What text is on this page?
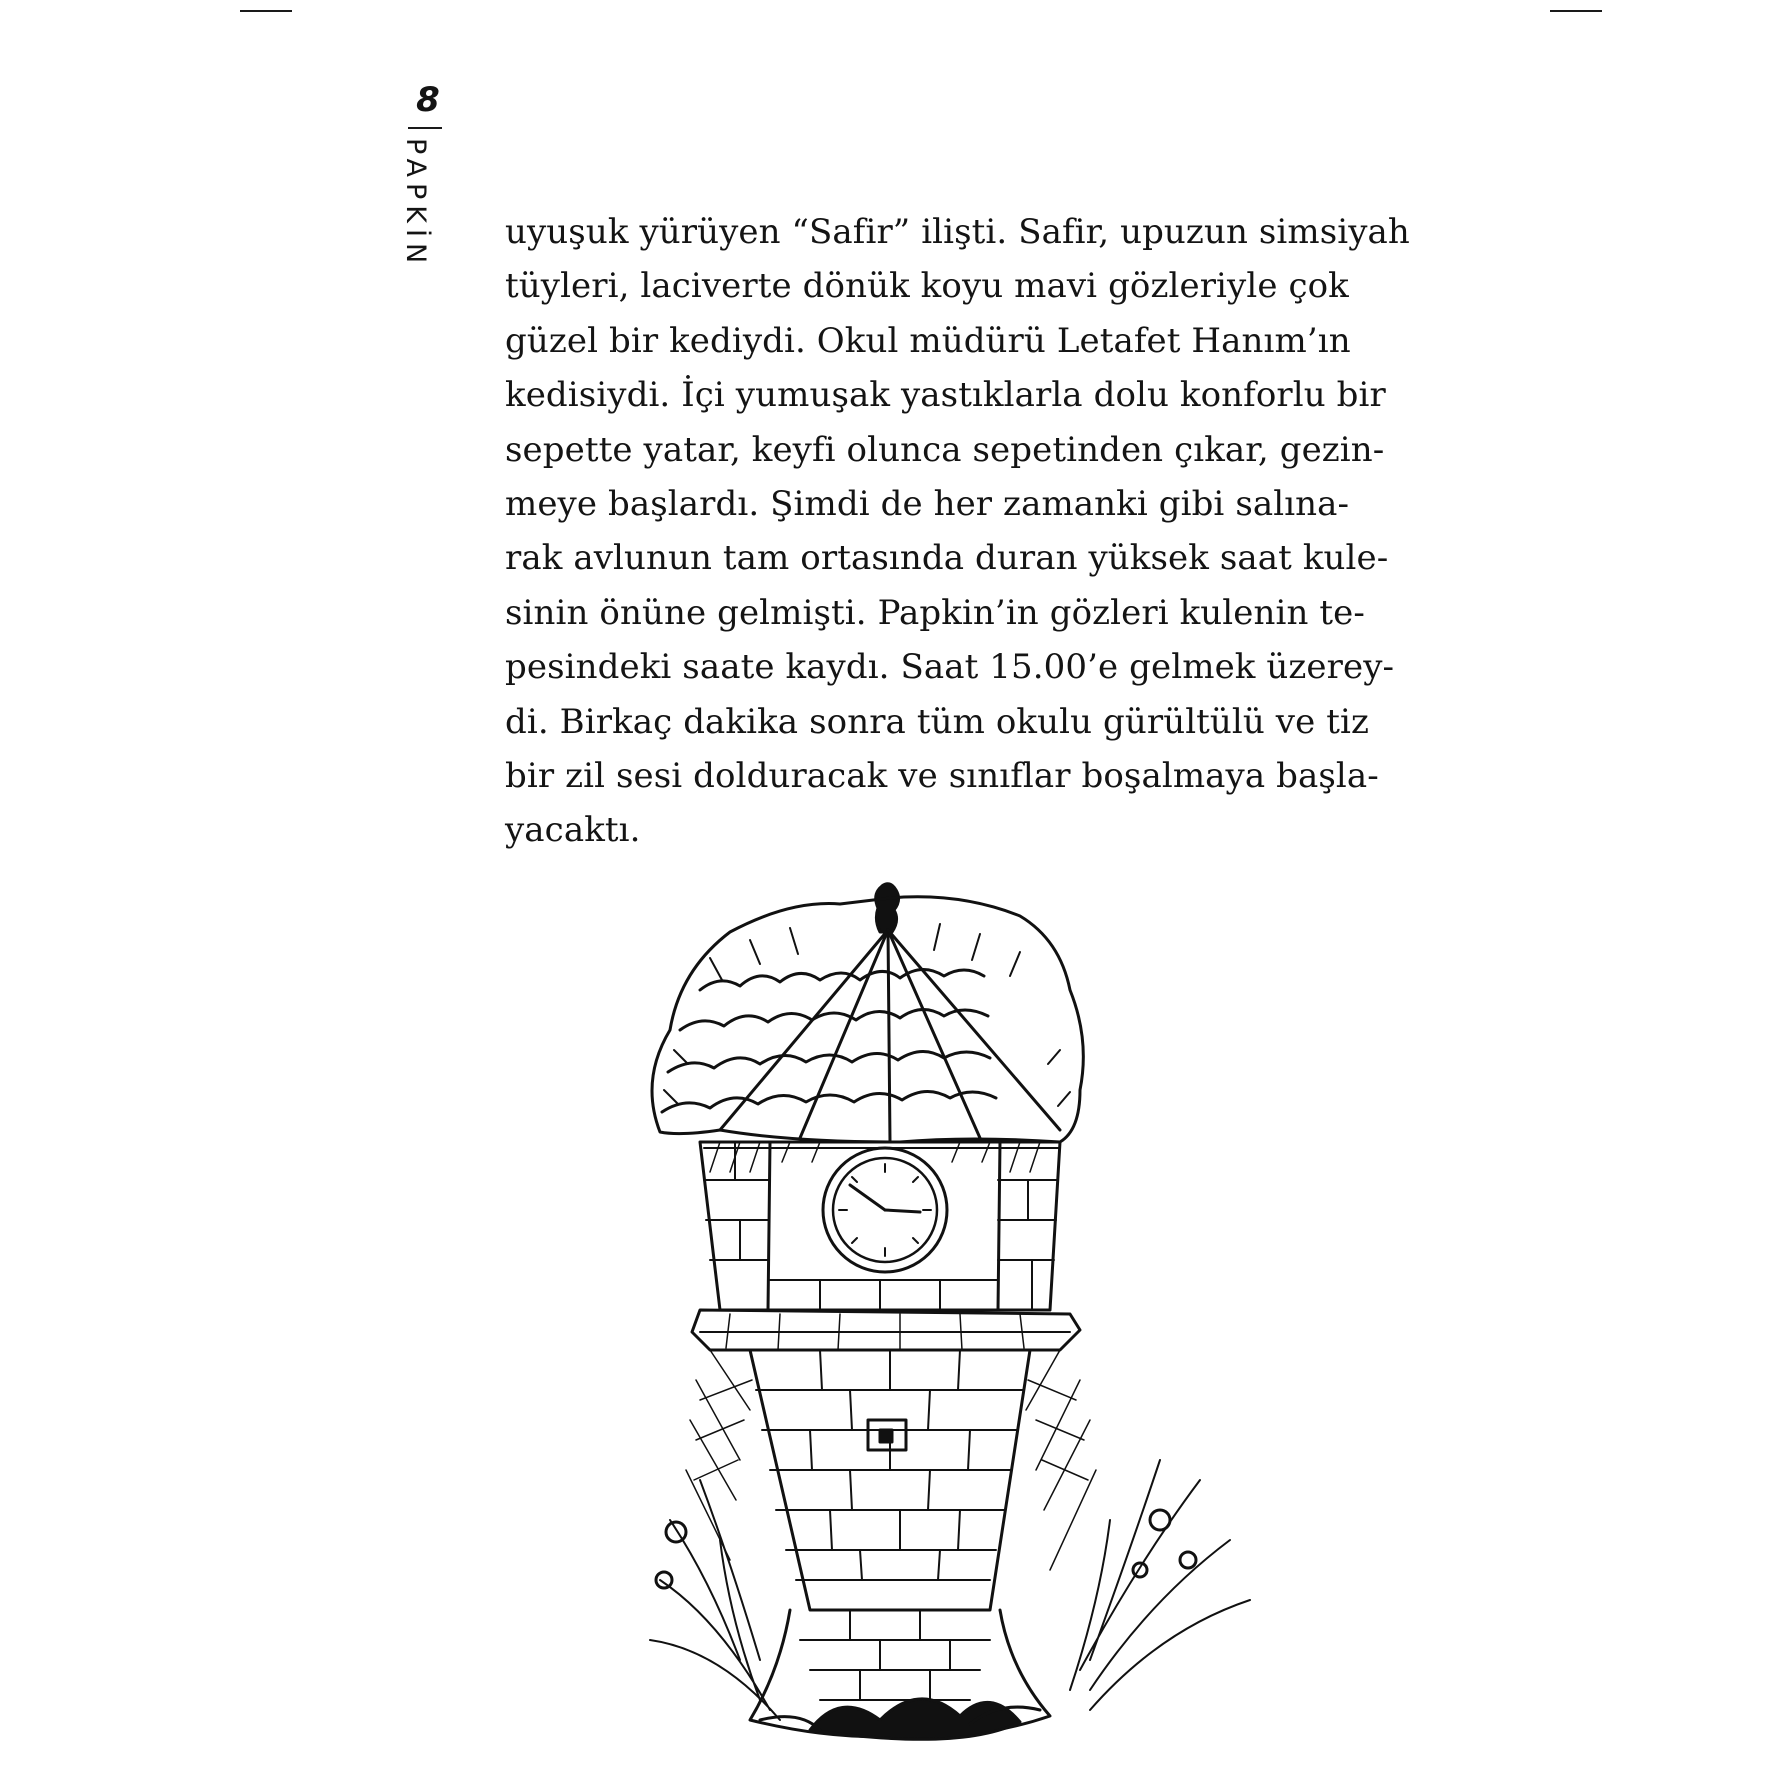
8
PAPKİN uyuşuk yürüyen “Safir” ilişti. Safir, upuzun simsiyah
tüyleri, laciverte dönük koyu mavi gözleriyle çok
güzel bir kediydi. Okul müdürü Letafet Hanım’ın
kedisiydi. İçi yumuşak yastıklarla dolu konforlu bir
sepette yatar, keyfi olunca sepetinden çıkar, gezin-
meye başlardı. Şimdi de her zamanki gibi salına-
rak avlunun tam ortasında duran yüksek saat kule-
sinin önüne gelmişti. Papkin’in gözleri kulenin te-
pesindeki saate kaydı. Saat 15.00’e gelmek üzerey-
di. Birkaç dakika sonra tüm okulu gürültülü ve tiz
bir zil sesi dolduracak ve sınıflar boşalmaya başla-
yacaktı.
